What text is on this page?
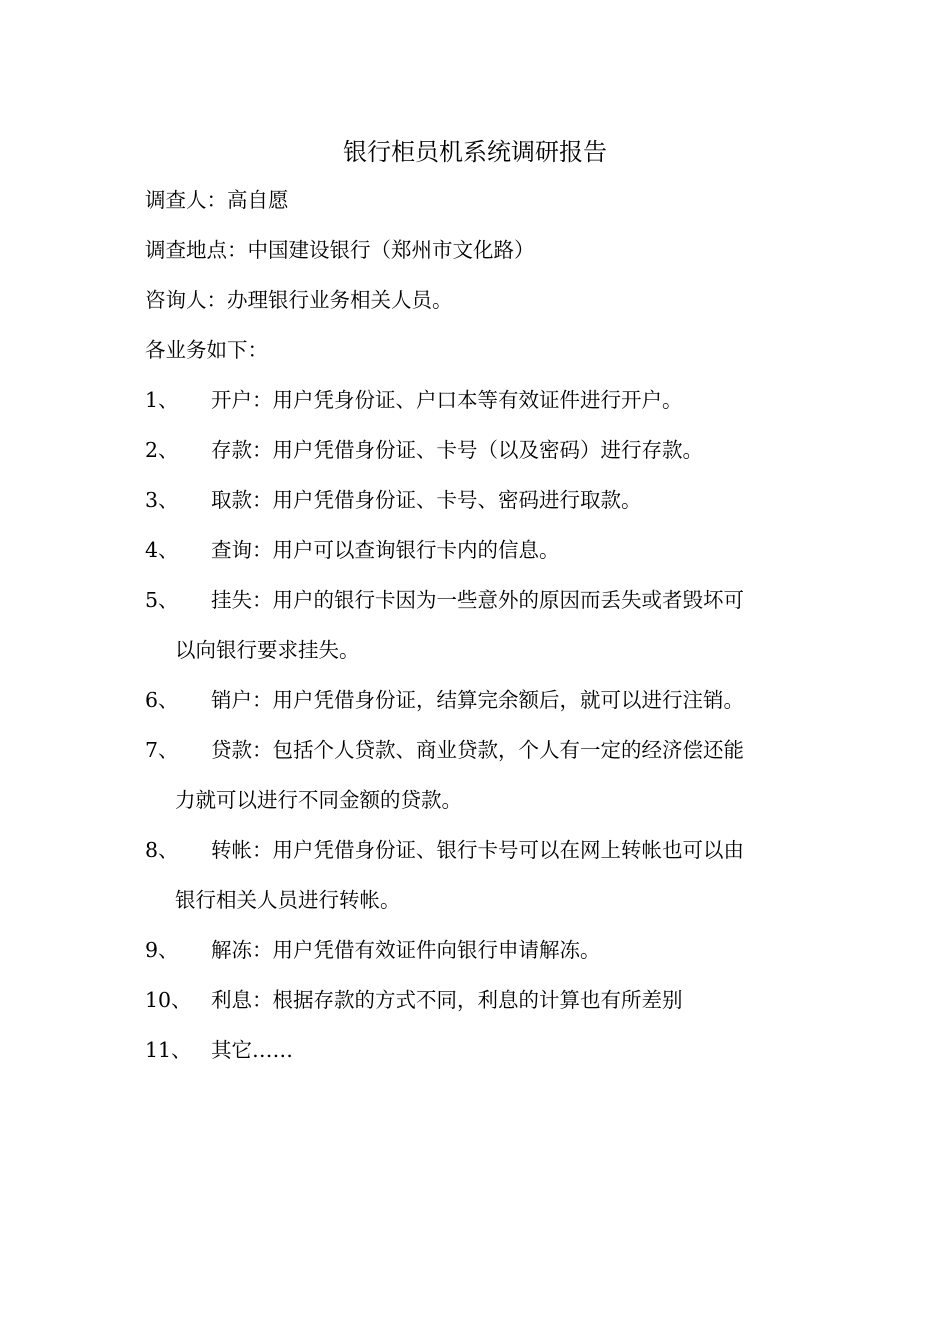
银行柜员机系统调研报告
调查人：高自愿
调查地点：中国建设银行（郑州市文化路）
咨询人：办理银行业务相关人员。
各业务如下：
1、	开户：用户凭身份证、户口本等有效证件进行开户。
2、	存款：用户凭借身份证、卡号（以及密码）进行存款。
3、	取款：用户凭借身份证、卡号、密码进行取款。
4、	查询：用户可以查询银行卡内的信息。
5、	挂失：用户的银行卡因为一些意外的原因而丢失或者毁坏可
以向银行要求挂失。
6、	销户：用户凭借身份证，结算完余额后，就可以进行注销。
7、	贷款：包括个人贷款、商业贷款，个人有一定的经济偿还能
力就可以进行不同金额的贷款。
8、	转帐：用户凭借身份证、银行卡号可以在网上转帐也可以由
银行相关人员进行转帐。
9、	解冻：用户凭借有效证件向银行申请解冻。
10、 利息：根据存款的方式不同，利息的计算也有所差别
11、 其它……
